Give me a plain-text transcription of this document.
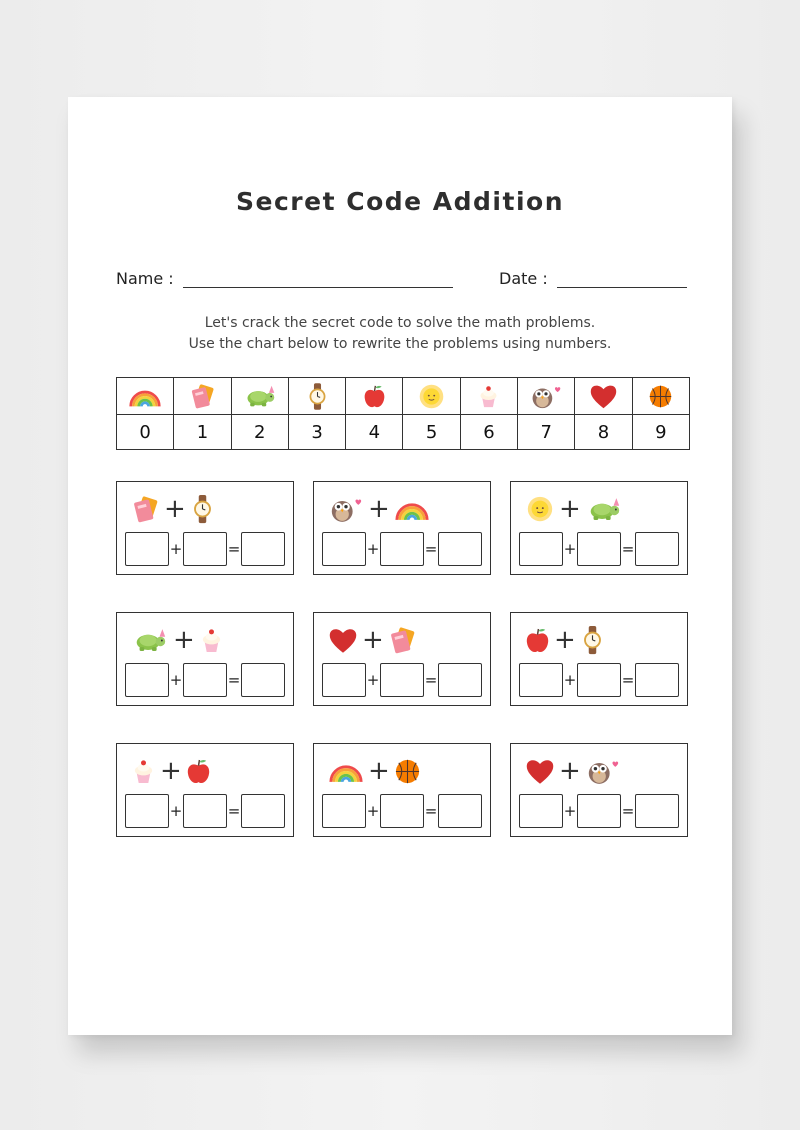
Secret Code Addition
Name :	Date :
Let's crack the secret code to solve the math problems.
Use the chart below to rewrite the problems using numbers.

0	1	2	3	4	5	6	7	8	9
+
+	=
+
+	=
+
+	=
+
+	=
+
+	=
+
+	=
+
+	=
+
+	=
+
+	=
